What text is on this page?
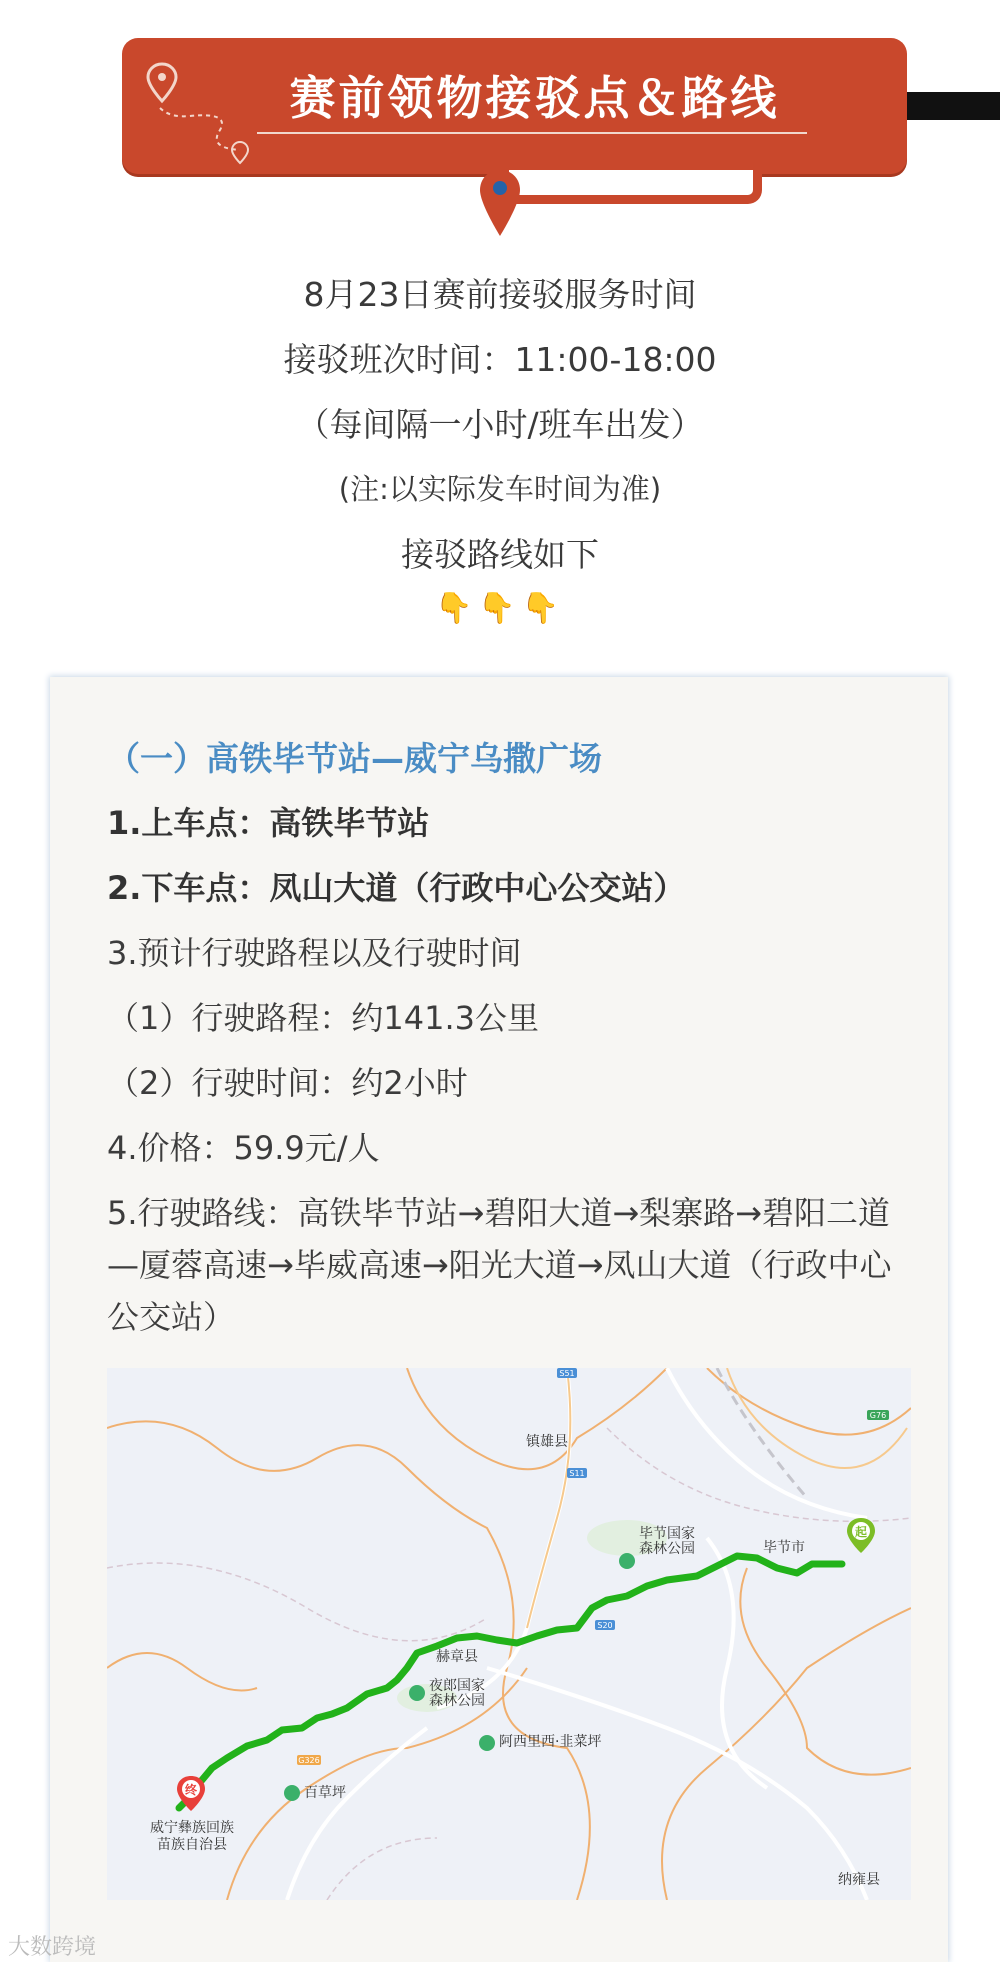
赛前领物接驳点＆路线
8月23日赛前接驳服务时间
接驳班次时间：11:00-18:00
（每间隔一小时/班车出发）
(注:以实际发车时间为准)
接驳路线如下
👇👇👇
（一）高铁毕节站—威宁乌撒广场
1.上车点：高铁毕节站
2.下车点：凤山大道（行政中心公交站）
3.预计行驶路程以及行驶时间
（1）行驶路程：约141.3公里
（2）行驶时间：约2小时
4.价格：59.9元/人
5.行驶路线：高铁毕节站→碧阳大道→梨寨路→碧阳二道—厦蓉高速→毕威高速→阳光大道→凤山大道（行政中心公交站）
S51
S11
G76
S20
G326
镇雄县
毕节市
毕节国家
森林公园
赫章县
夜郎国家
森林公园
阿西里西·韭菜坪
百草坪
威宁彝族回族
苗族自治县
纳雍县
起
终
大数跨境
